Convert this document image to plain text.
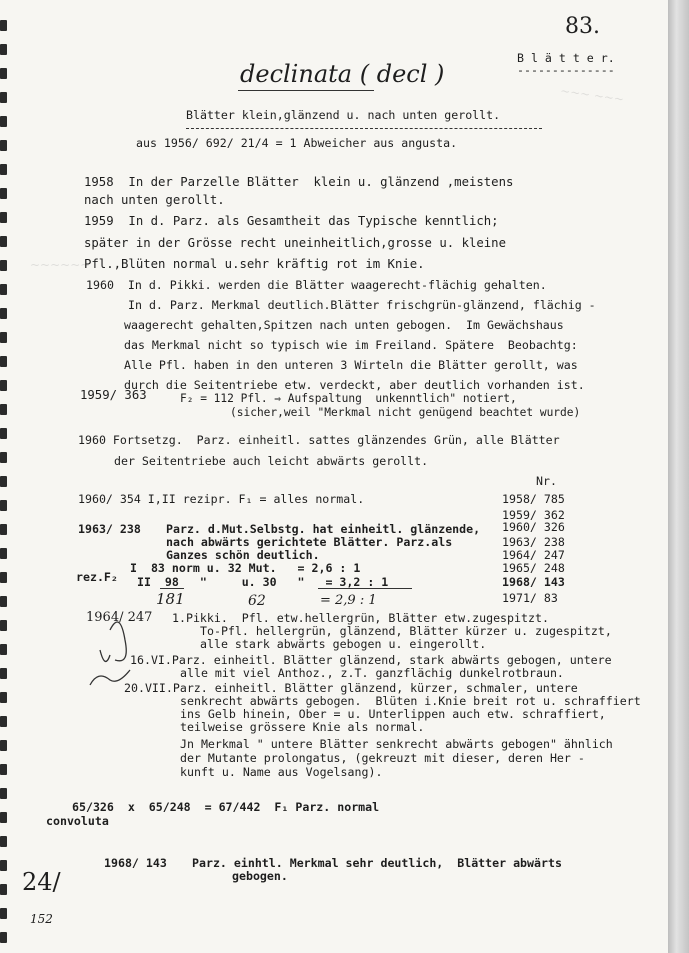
~~~ ~~~
~~~~~~
83.
B l ä t t e r.
--------------
declinata ( decl )
Blätter klein,glänzend u. nach unten gerollt.
aus 1956/ 692/ 21/4 = 1 Abweicher aus angusta.
1958  In der Parzelle Blätter  klein u. glänzend ,meistens
nach unten gerollt.
1959  In d. Parz. als Gesamtheit das Typische kenntlich;
später in der Grösse recht uneinheitlich,grosse u. kleine
Pfl.,Blüten normal u.sehr kräftig rot im Knie.
1960  In d. Pikki. werden die Blätter waagerecht-flächig gehalten.
In d. Parz. Merkmal deutlich.Blätter frischgrün-glänzend, flächig -
waagerecht gehalten,Spitzen nach unten gebogen.  Im Gewächshaus
das Merkmal nicht so typisch wie im Freiland. Spätere  Beobachtg:
Alle Pfl. haben in den unteren 3 Wirteln die Blätter gerollt, was
durch die Seitentriebe etw. verdeckt, aber deutlich vorhanden ist.
1959/ 363	F₂ = 112 Pfl. ⇒ Aufspaltung  unkenntlich" notiert,
(sicher,weil "Merkmal nicht genügend beachtet wurde)
1960 Fortsetzg.  Parz. einheitl. sattes glänzendes Grün, alle Blätter
der Seitentriebe auch leicht abwärts gerollt.
Nr.
1958/ 785
1959/ 362
1960/ 326
1963/ 238
1964/ 247
1965/ 248
1968/ 143
1971/ 83
1960/ 354 I,II rezipr. F₁ = alles normal.
1963/ 238 Parz. d.Mut.Selbstg. hat einheitl. glänzende,
nach abwärts gerichtete Blätter. Parz.als
Ganzes schön deutlich.
rez.F₂
I  83 norm u. 32 Mut.   = 2,6 : 1
II  98   "     u. 30   "   = 3,2 : 1
181	62	= 2,9 : 1
1964/ 247 1.Pikki.  Pfl. etw.hellergrün, Blätter etw.zugespitzt.
To-Pfl. hellergrün, glänzend, Blätter kürzer u. zugespitzt,
alle stark abwärts gebogen u. eingerollt.
16.VI.Parz. einheitl. Blätter glänzend, stark abwärts gebogen, untere
alle mit viel Anthoz., z.T. ganzflächig dunkelrotbraun.
20.VII.Parz. einheitl. Blätter glänzend, kürzer, schmaler, untere
senkrecht abwärts gebogen.  Blüten i.Knie breit rot u. schraffiert
ins Gelb hinein, Ober = u. Unterlippen auch etw. schraffiert,
teilweise grössere Knie als normal.
Jn Merkmal " untere Blätter senkrecht abwärts gebogen" ähnlich
der Mutante prolongatus, (gekreuzt mit dieser, deren Her -
kunft u. Name aus Vogelsang).
65/326  x  65/248  = 67/442  F₁ Parz. normal
convoluta
1968/ 143 Parz. einhtl. Merkmal sehr deutlich,  Blätter abwärts
gebogen.
24/
152
